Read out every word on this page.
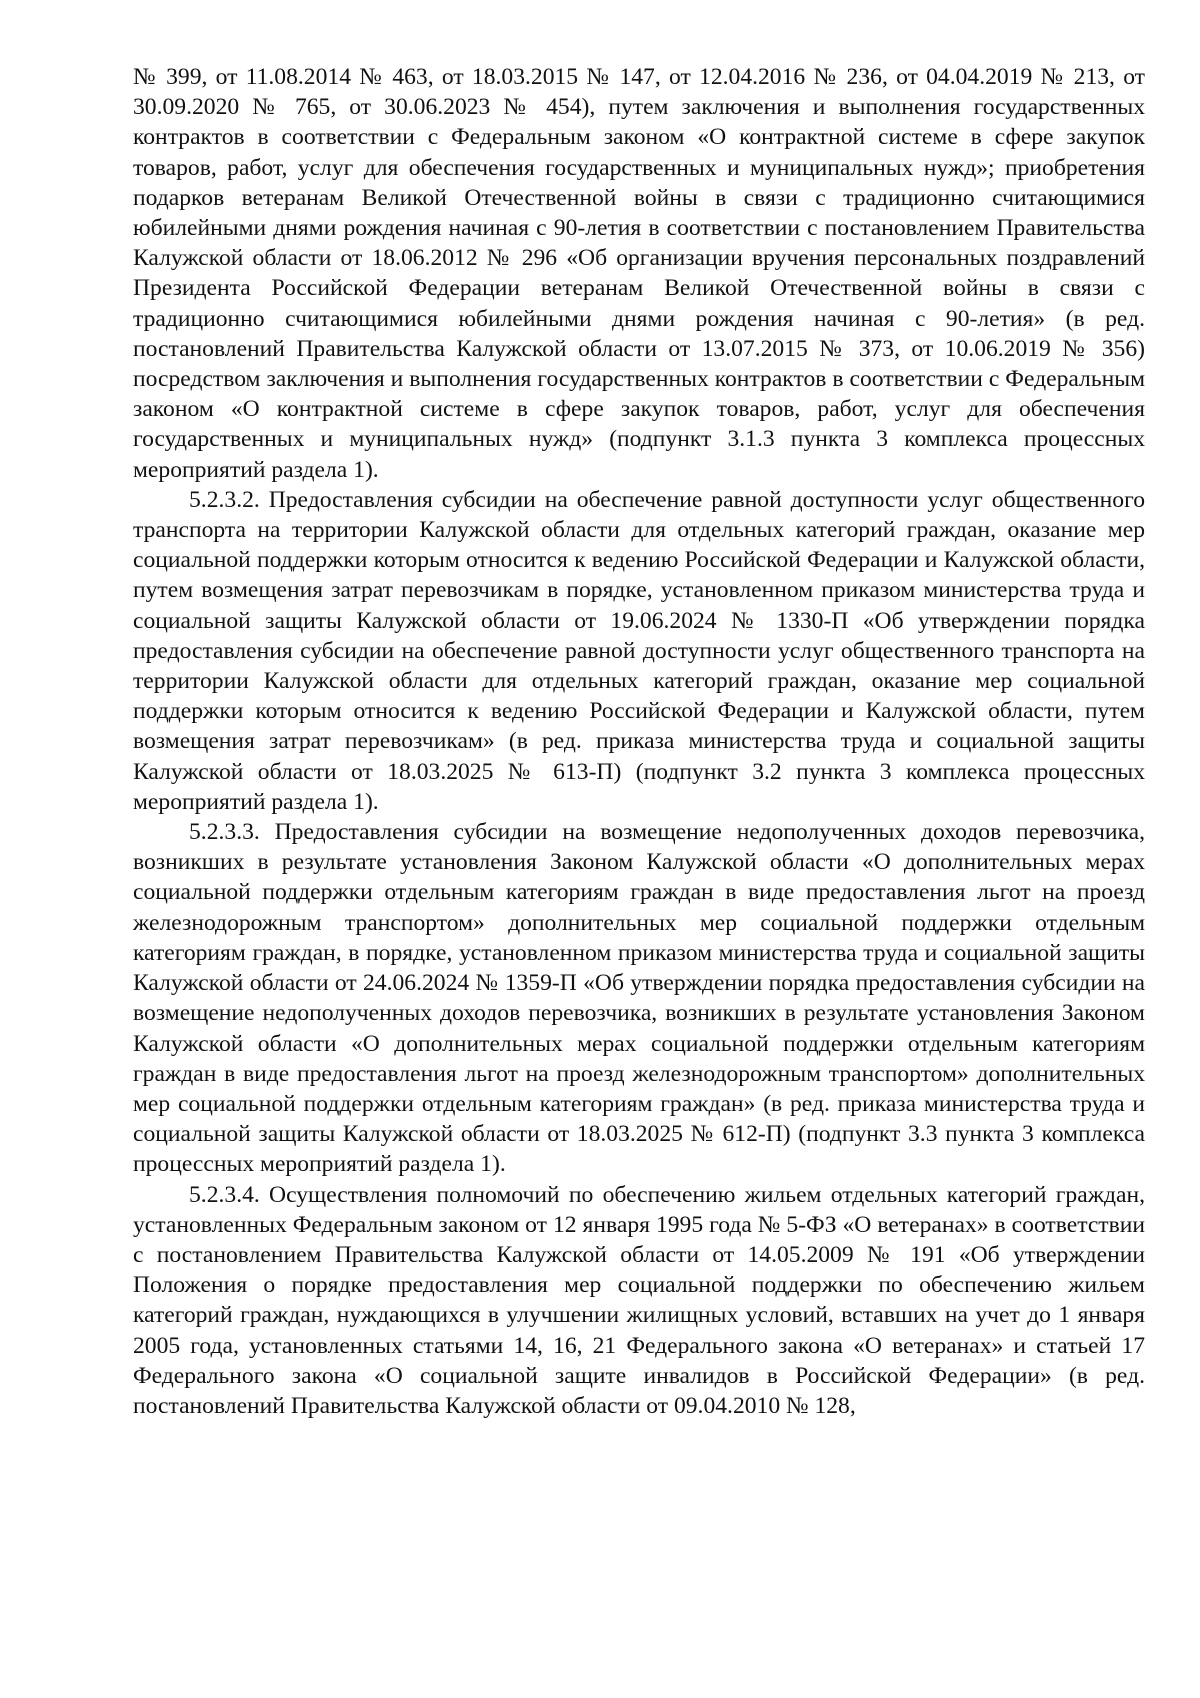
№ 399, от 11.08.2014 № 463, от 18.03.2015 № 147, от 12.04.2016 № 236, от 04.04.2019 № 213, от 30.09.2020 № 765, от 30.06.2023 № 454), путем заключения и выполнения государственных контрактов в соответствии с Федеральным законом «О контрактной системе в сфере закупок товаров, работ, услуг для обеспечения государственных и муниципальных нужд»; приобретения подарков ветеранам Великой Отечественной войны в связи с традиционно считающимися юбилейными днями рождения начиная с 90-летия в соответствии с постановлением Правительства Калужской области от 18.06.2012 № 296 «Об организации вручения персональных поздравлений Президента Российской Федерации ветеранам Великой Отечественной войны в связи с традиционно считающимися юбилейными днями рождения начиная с 90-летия» (в ред. постановлений Правительства Калужской области от 13.07.2015 № 373, от 10.06.2019 № 356) посредством заключения и выполнения государственных контрактов в соответствии с Федеральным законом «О контрактной системе в сфере закупок товаров, работ, услуг для обеспечения государственных и муниципальных нужд» (подпункт 3.1.3 пункта 3 комплекса процессных мероприятий раздела 1).

5.2.3.2. Предоставления субсидии на обеспечение равной доступности услуг общественного транспорта на территории Калужской области для отдельных категорий граждан, оказание мер социальной поддержки которым относится к ведению Российской Федерации и Калужской области, путем возмещения затрат перевозчикам в порядке, установленном приказом министерства труда и социальной защиты Калужской области от 19.06.2024 № 1330-П «Об утверждении порядка предоставления субсидии на обеспечение равной доступности услуг общественного транспорта на территории Калужской области для отдельных категорий граждан, оказание мер социальной поддержки которым относится к ведению Российской Федерации и Калужской области, путем возмещения затрат перевозчикам» (в ред. приказа министерства труда и социальной защиты Калужской области от 18.03.2025 № 613-П) (подпункт 3.2 пункта 3 комплекса процессных мероприятий раздела 1).

5.2.3.3. Предоставления субсидии на возмещение недополученных доходов перевозчика, возникших в результате установления Законом Калужской области «О дополнительных мерах социальной поддержки отдельным категориям граждан в виде предоставления льгот на проезд железнодорожным транспортом» дополнительных мер социальной поддержки отдельным категориям граждан, в порядке, установленном приказом министерства труда и социальной защиты Калужской области от 24.06.2024 № 1359-П «Об утверждении порядка предоставления субсидии на возмещение недополученных доходов перевозчика, возникших в результате установления Законом Калужской области «О дополнительных мерах социальной поддержки отдельным категориям граждан в виде предоставления льгот на проезд железнодорожным транспортом» дополнительных мер социальной поддержки отдельным категориям граждан» (в ред. приказа министерства труда и социальной защиты Калужской области от 18.03.2025 № 612-П) (подпункт 3.3 пункта 3 комплекса процессных мероприятий раздела 1).

5.2.3.4. Осуществления полномочий по обеспечению жильем отдельных категорий граждан, установленных Федеральным законом от 12 января 1995 года № 5-ФЗ «О ветеранах» в соответствии с постановлением Правительства Калужской области от 14.05.2009 № 191 «Об утверждении Положения о порядке предоставления мер социальной поддержки по обеспечению жильем категорий граждан, нуждающихся в улучшении жилищных условий, вставших на учет до 1 января 2005 года, установленных статьями 14, 16, 21 Федерального закона «О ветеранах» и статьей 17 Федерального закона «О социальной защите инвалидов в Российской Федерации» (в ред. постановлений Правительства Калужской области от 09.04.2010 № 128,
